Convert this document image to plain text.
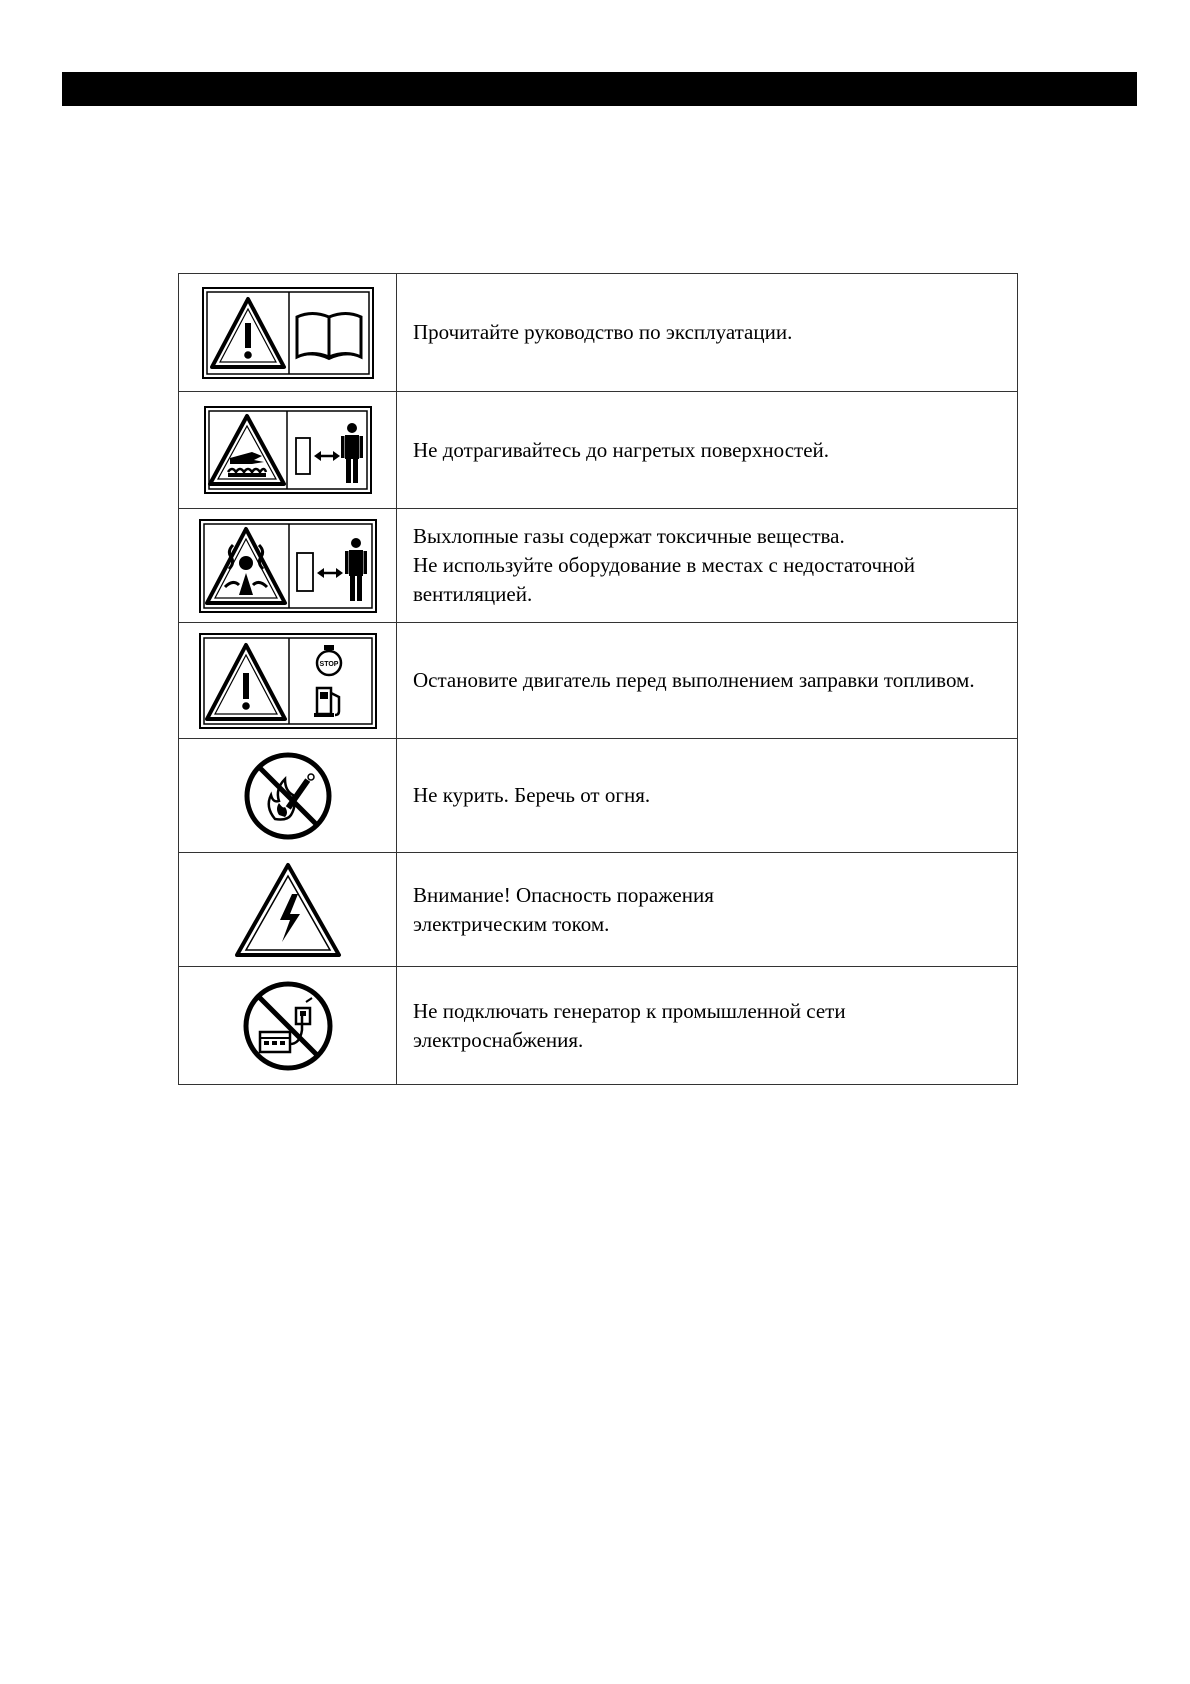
	Прочитайте руководство по эксплуатации.

	Не дотрагивайтесь до нагретых поверхностей.

	Выхлопные газы содержат токсичные вещества.
Не используйте оборудование в местах с недостаточной вентиляцией.

STOP	Остановите двигатель перед выполнением заправки топливом.

	Не курить. Беречь от огня.

	Внимание! Опасность поражения
электрическим током.

	Не подключать генератор к промышленной сети электроснабжения.
